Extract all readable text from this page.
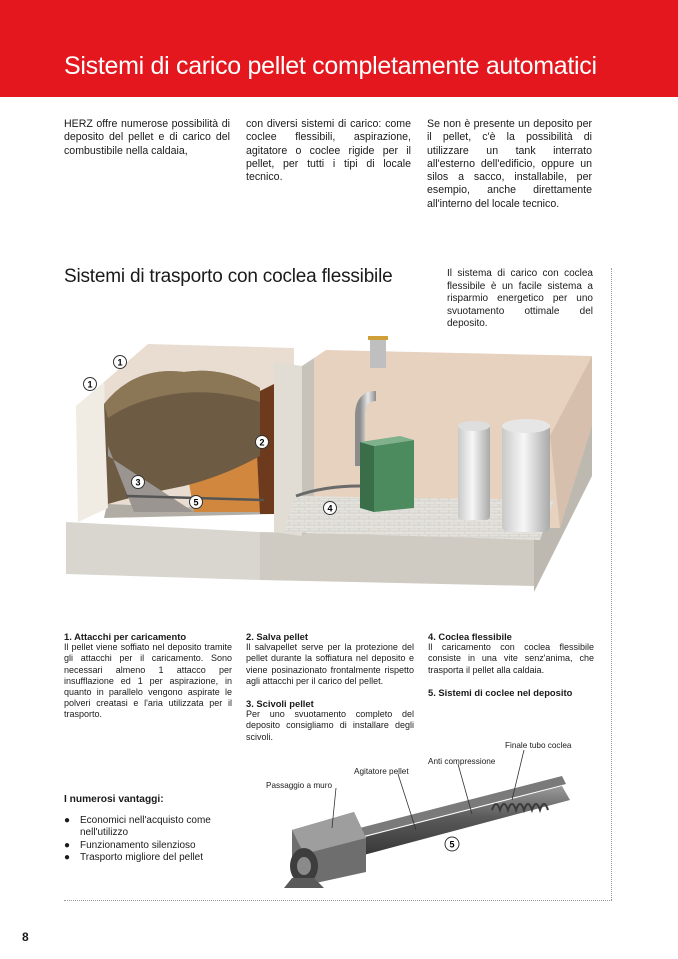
Sistemi di carico pellet completamente automatici
HERZ offre numerose possibilità di deposito del pellet e di carico del combustibile nella caldaia,
con diversi sistemi di carico: come coclee flessibili, aspirazione, agitatore o coclee rigide per il pellet, per tutti i tipi di locale tecnico.
Se non è presente un deposito per il pellet, c'è la possibilità di utilizzare un tank interrato all'esterno dell'edificio, oppure un silos a sacco, installabile, per esempio, anche direttamente all'interno del locale tecnico.
Sistemi di trasporto con coclea flessibile	Il sistema di carico con coclea flessibile è un facile sistema a risparmio energetico per uno svuotamento ottimale del deposito.
1
1
2
3
4
5
1. Attacchi per caricamento

Il pellet viene soffiato nel deposito tramite gli attacchi per il caricamento. Sono necessari almeno 1 attacco per insufflazione ed 1 per aspirazione, in quanto in parallelo vengono aspirate le polveri creatasi e l'aria utilizzata per il trasporto.

2. Salva pellet

Il salvapellet serve per la protezione del pellet durante la soffiatura nel deposito e viene posinazionato frontalmente rispetto agli attacchi per il carico del pellet.

3. Scivoli pellet

Per uno svuotamento completo del deposito consigliamo di installare degli scivoli.

4. Coclea flessibile

Il caricamento con coclea flessibile consiste in una vite senz'anima, che trasporta il pellet alla caldaia.

5. Sistemi di coclee nel deposito
I numerosi vantaggi:
● Economici nell'acquisto come nell'utilizzo
● Funzionamento silenzioso
● Trasporto migliore del pellet
Finale tubo coclea
Anti compressione
Agitatore pellet
Passaggio a muro
5
8
